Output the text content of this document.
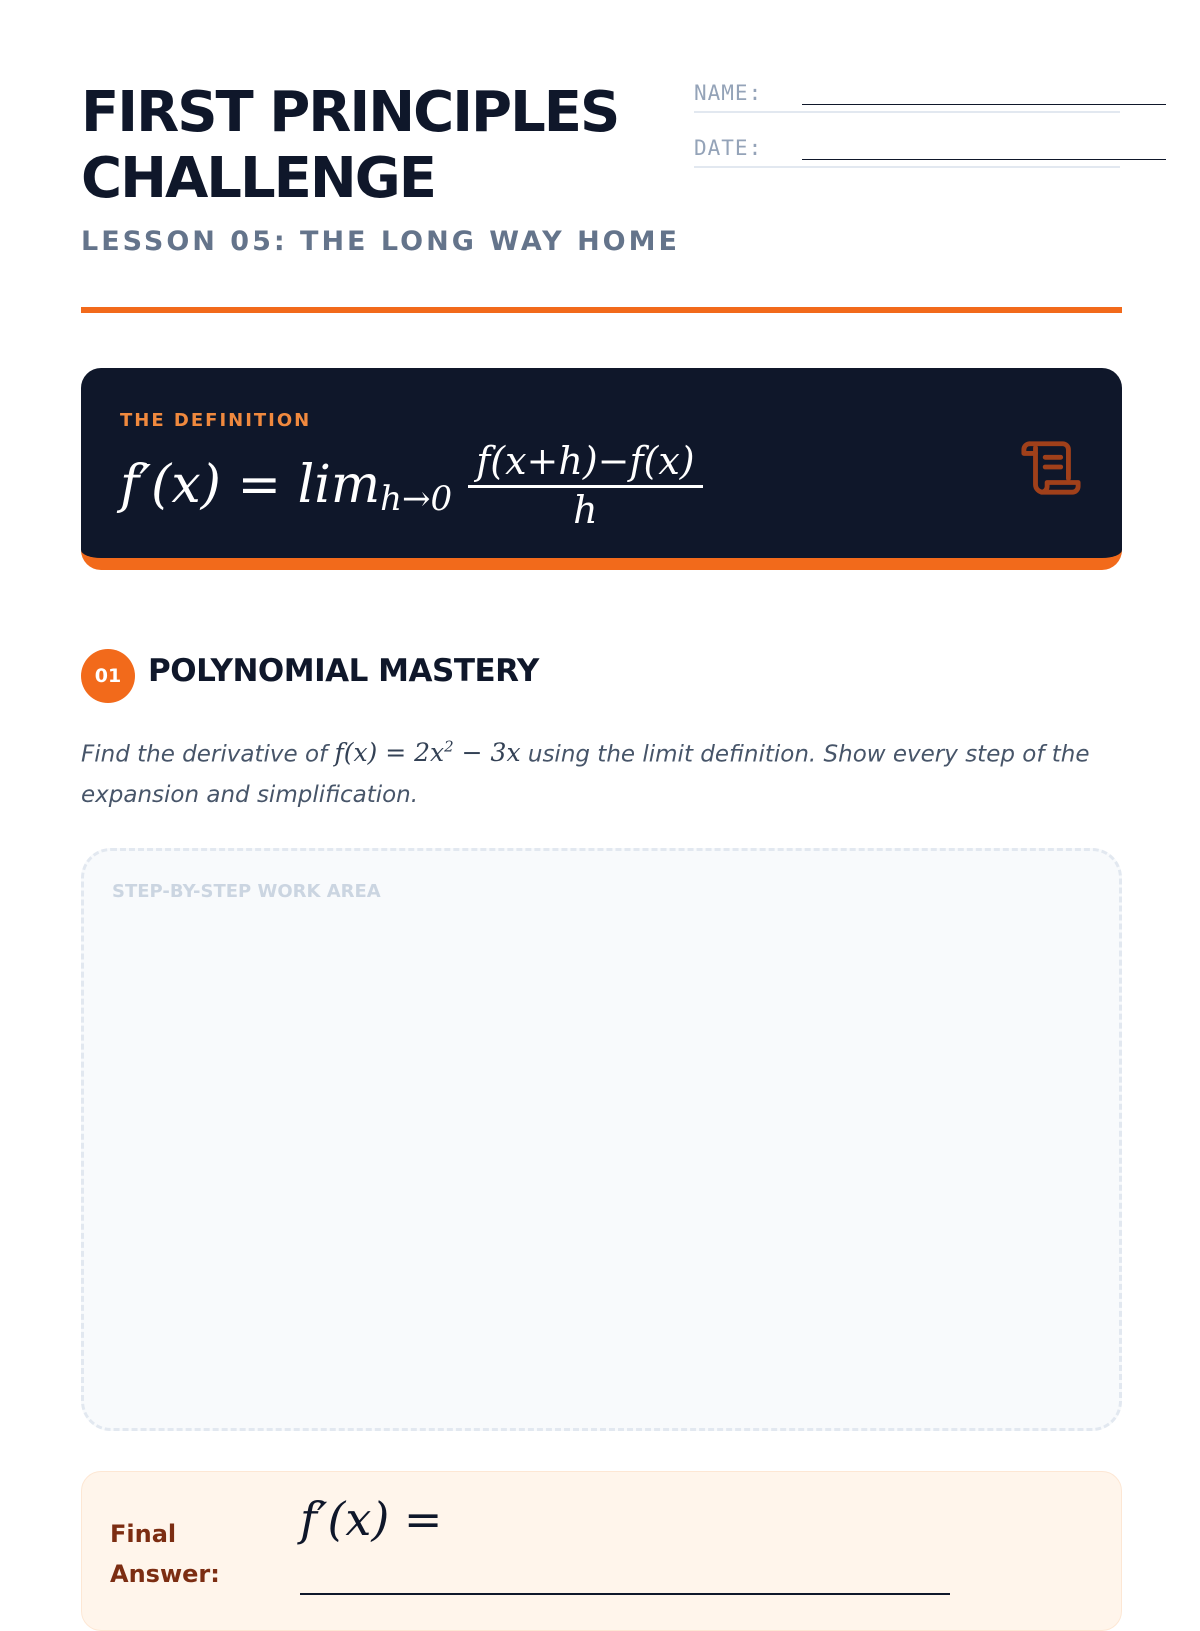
FIRST PRINCIPLES
CHALLENGE
LESSON 05: THE LONG WAY HOME
NAME:
DATE:
THE DEFINITION
$f'(x) = \lim h\to 0 \frac{f(x+h)-f(x)}{h}$
01 POLYNOMIAL MASTERY

Find the derivative of $f(x) = 2x^2 - 3x$ using the limit definition. Show every step of the expansion and simplification.

STEP-BY-STEP WORK AREA
Final Answer:
f′(x) =
